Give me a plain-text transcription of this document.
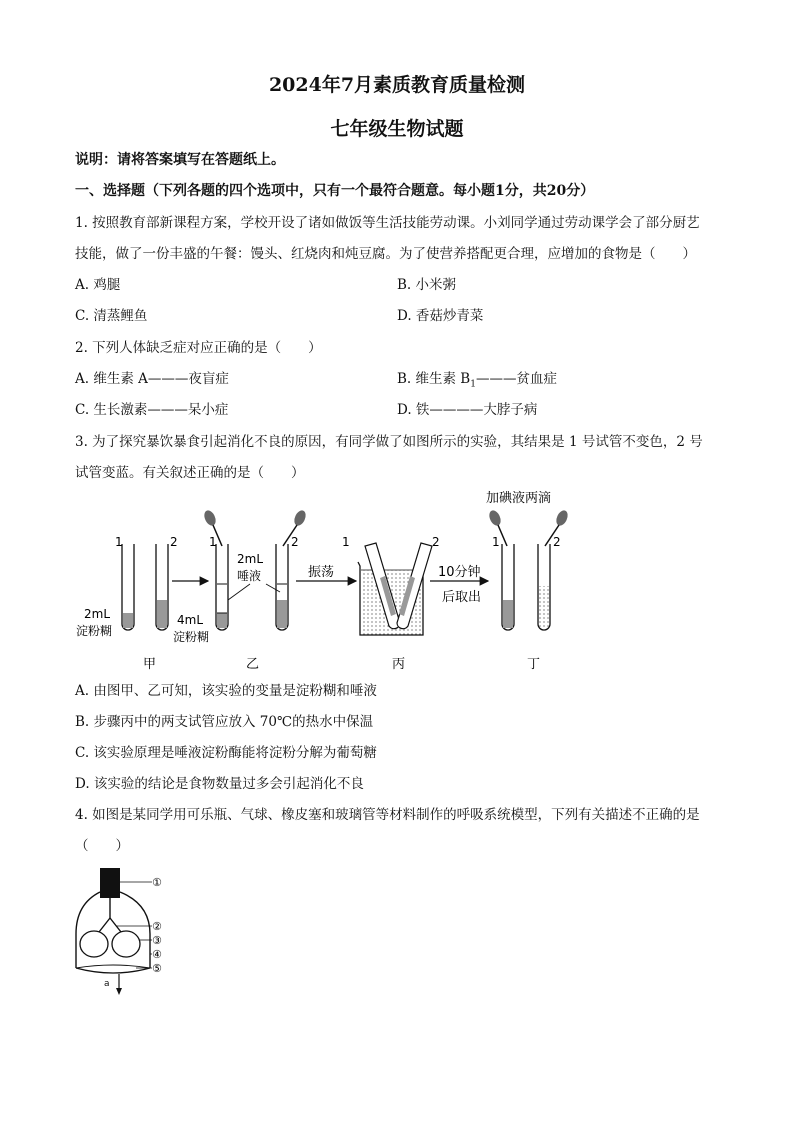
2024年7月素质教育质量检测
七年级生物试题
说明：请将答案填写在答题纸上。
一、选择题（下列各题的四个选项中，只有一个最符合题意。每小题1分，共20分）
1. 按照教育部新课程方案，学校开设了诸如做饭等生活技能劳动课。小刘同学通过劳动课学会了部分厨艺
技能，做了一份丰盛的午餐：馒头、红烧肉和炖豆腐。为了使营养搭配更合理，应增加的食物是（　　）
A. 鸡腿	B. 小米粥
C. 清蒸鲤鱼	D. 香菇炒青菜
2. 下列人体缺乏症对应正确的是（　　）
A. 维生素 A———夜盲症	B. 维生素 $B_1———$贫血症
C. 生长激素———呆小症	D. 铁————大脖子病
3. 为了探究暴饮暴食引起消化不良的原因，有同学做了如图所示的实验，其结果是 1 号试管不变色，2 号
试管变蓝。有关叙述正确的是（　　）
1	2
2mL
淀粉糊
4mL
淀粉糊
1	2
2mL
唾液	振荡
1	2
10分钟
后取出
加碘液两滴
1	2
甲	乙	丙	丁
A. 由图甲、乙可知，该实验的变量是淀粉糊和唾液
B. 步骤丙中的两支试管应放入 70℃的热水中保温
C. 该实验原理是唾液淀粉酶能将淀粉分解为葡萄糖
D. 该实验的结论是食物数量过多会引起消化不良
4. 如图是某同学用可乐瓶、气球、橡皮塞和玻璃管等材料制作的呼吸系统模型，下列有关描述不正确的是
（　　）
a
①
②
③
④
⑤
